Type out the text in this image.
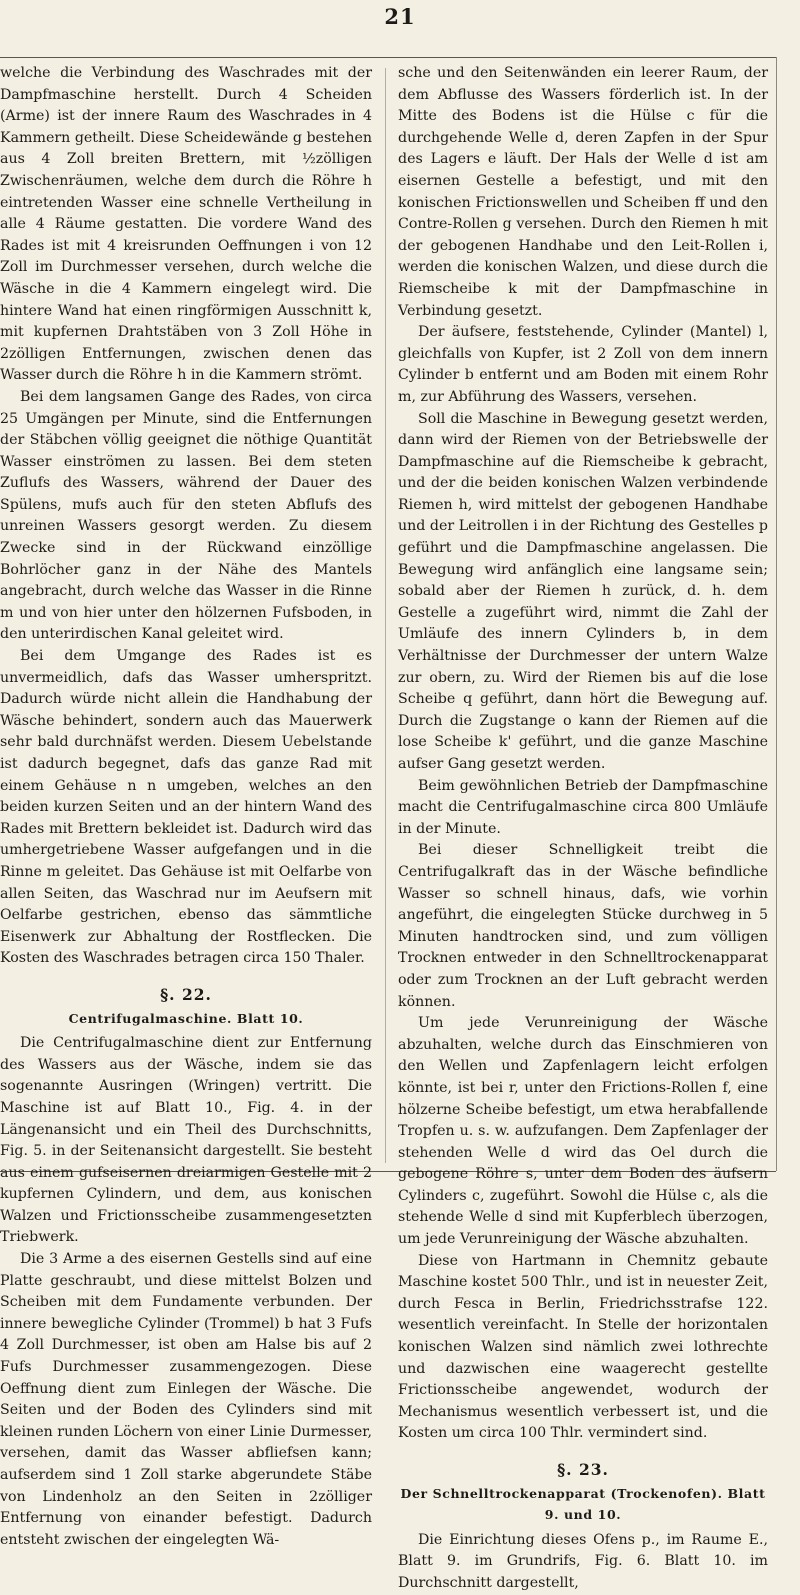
21

welche die Verbindung des Waschrades mit der Dampfmaschine herstellt. Durch 4 Scheiden (Arme) ist der innere Raum des Waschrades in 4 Kammern getheilt. Diese Scheidewände g bestehen aus 4 Zoll breiten Brettern, mit ½zölligen Zwischenräumen, welche dem durch die Röhre h eintretenden Wasser eine schnelle Vertheilung in alle 4 Räume gestatten. Die vordere Wand des Rades ist mit 4 kreisrunden Oeffnungen i von 12 Zoll im Durchmesser versehen, durch welche die Wäsche in die 4 Kammern eingelegt wird. Die hintere Wand hat einen ringförmigen Ausschnitt k, mit kupfernen Drahtstäben von 3 Zoll Höhe in 2zölligen Entfernungen, zwischen denen das Wasser durch die Röhre h in die Kammern strömt.

Bei dem langsamen Gange des Rades, von circa 25 Umgängen per Minute, sind die Entfernungen der Stäbchen völlig geeignet die nöthige Quantität Wasser einströmen zu lassen. Bei dem steten Zuflufs des Wassers, während der Dauer des Spülens, mufs auch für den steten Abflufs des unreinen Wassers gesorgt werden. Zu diesem Zwecke sind in der Rückwand einzöllige Bohrlöcher ganz in der Nähe des Mantels angebracht, durch welche das Wasser in die Rinne m und von hier unter den hölzernen Fufsboden, in den unterirdischen Kanal geleitet wird.

Bei dem Umgange des Rades ist es unvermeidlich, dafs das Wasser umherspritzt. Dadurch würde nicht allein die Handhabung der Wäsche behindert, sondern auch das Mauerwerk sehr bald durchnäfst werden. Diesem Uebelstande ist dadurch begegnet, dafs das ganze Rad mit einem Gehäuse n n umgeben, welches an den beiden kurzen Seiten und an der hintern Wand des Rades mit Brettern bekleidet ist. Dadurch wird das umhergetriebene Wasser aufgefangen und in die Rinne m geleitet. Das Gehäuse ist mit Oelfarbe von allen Seiten, das Waschrad nur im Aeufsern mit Oelfarbe gestrichen, ebenso das sämmtliche Eisenwerk zur Abhaltung der Rostflecken. Die Kosten des Waschrades betragen circa 150 Thaler.

§. 22.
Centrifugalmaschine. Blatt 10.

Die Centrifugalmaschine dient zur Entfernung des Wassers aus der Wäsche, indem sie das sogenannte Ausringen (Wringen) vertritt. Die Maschine ist auf Blatt 10., Fig. 4. in der Längenansicht und ein Theil des Durchschnitts, Fig. 5. in der Seitenansicht dargestellt. Sie besteht aus einem gufseisernen dreiarmigen Gestelle mit 2 kupfernen Cylindern, und dem, aus konischen Walzen und Frictionsscheibe zusammengesetzten Triebwerk.

Die 3 Arme a des eisernen Gestells sind auf eine Platte geschraubt, und diese mittelst Bolzen und Scheiben mit dem Fundamente verbunden. Der innere bewegliche Cylinder (Trommel) b hat 3 Fufs 4 Zoll Durchmesser, ist oben am Halse bis auf 2 Fufs Durchmesser zusammengezogen. Diese Oeffnung dient zum Einlegen der Wäsche. Die Seiten und der Boden des Cylinders sind mit kleinen runden Löchern von einer Linie Durmesser, versehen, damit das Wasser abfliefsen kann; aufserdem sind 1 Zoll starke abgerundete Stäbe von Lindenholz an den Seiten in 2zölliger Entfernung von einander befestigt. Dadurch entsteht zwischen der eingelegten Wä-

sche und den Seitenwänden ein leerer Raum, der dem Abflusse des Wassers förderlich ist. In der Mitte des Bodens ist die Hülse c für die durchgehende Welle d, deren Zapfen in der Spur des Lagers e läuft. Der Hals der Welle d ist am eisernen Gestelle a befestigt, und mit den konischen Frictionswellen und Scheiben ff und den Contre-Rollen g versehen. Durch den Riemen h mit der gebogenen Handhabe und den Leit-Rollen i, werden die konischen Walzen, und diese durch die Riemscheibe k mit der Dampfmaschine in Verbindung gesetzt.

Der äufsere, feststehende, Cylinder (Mantel) l, gleichfalls von Kupfer, ist 2 Zoll von dem innern Cylinder b entfernt und am Boden mit einem Rohr m, zur Abführung des Wassers, versehen.

Soll die Maschine in Bewegung gesetzt werden, dann wird der Riemen von der Betriebswelle der Dampfmaschine auf die Riemscheibe k gebracht, und der die beiden konischen Walzen verbindende Riemen h, wird mittelst der gebogenen Handhabe und der Leitrollen i in der Richtung des Gestelles p geführt und die Dampfmaschine angelassen. Die Bewegung wird anfänglich eine langsame sein; sobald aber der Riemen h zurück, d. h. dem Gestelle a zugeführt wird, nimmt die Zahl der Umläufe des innern Cylinders b, in dem Verhältnisse der Durchmesser der untern Walze zur obern, zu. Wird der Riemen bis auf die lose Scheibe q geführt, dann hört die Bewegung auf. Durch die Zugstange o kann der Riemen auf die lose Scheibe k' geführt, und die ganze Maschine aufser Gang gesetzt werden.

Beim gewöhnlichen Betrieb der Dampfmaschine macht die Centrifugalmaschine circa 800 Umläufe in der Minute.

Bei dieser Schnelligkeit treibt die Centrifugalkraft das in der Wäsche befindliche Wasser so schnell hinaus, dafs, wie vorhin angeführt, die eingelegten Stücke durchweg in 5 Minuten handtrocken sind, und zum völligen Trocknen entweder in den Schnelltrockenapparat oder zum Trocknen an der Luft gebracht werden können.

Um jede Verunreinigung der Wäsche abzuhalten, welche durch das Einschmieren von den Wellen und Zapfenlagern leicht erfolgen könnte, ist bei r, unter den Frictions-Rollen f, eine hölzerne Scheibe befestigt, um etwa herabfallende Tropfen u. s. w. aufzufangen. Dem Zapfenlager der stehenden Welle d wird das Oel durch die gebogene Röhre s, unter dem Boden des äufsern Cylinders c, zugeführt. Sowohl die Hülse c, als die stehende Welle d sind mit Kupferblech überzogen, um jede Verunreinigung der Wäsche abzuhalten.

Diese von Hartmann in Chemnitz gebaute Maschine kostet 500 Thlr., und ist in neuester Zeit, durch Fesca in Berlin, Friedrichsstrafse 122. wesentlich vereinfacht. In Stelle der horizontalen konischen Walzen sind nämlich zwei lothrechte und dazwischen eine waagerecht gestellte Frictionsscheibe angewendet, wodurch der Mechanismus wesentlich verbessert ist, und die Kosten um circa 100 Thlr. vermindert sind.

§. 23.
Der Schnelltrockenapparat (Trockenofen). Blatt 9. und 10.

Die Einrichtung dieses Ofens p., im Raume E., Blatt 9. im Grundrifs, Fig. 6. Blatt 10. im Durchschnitt dargestellt,
